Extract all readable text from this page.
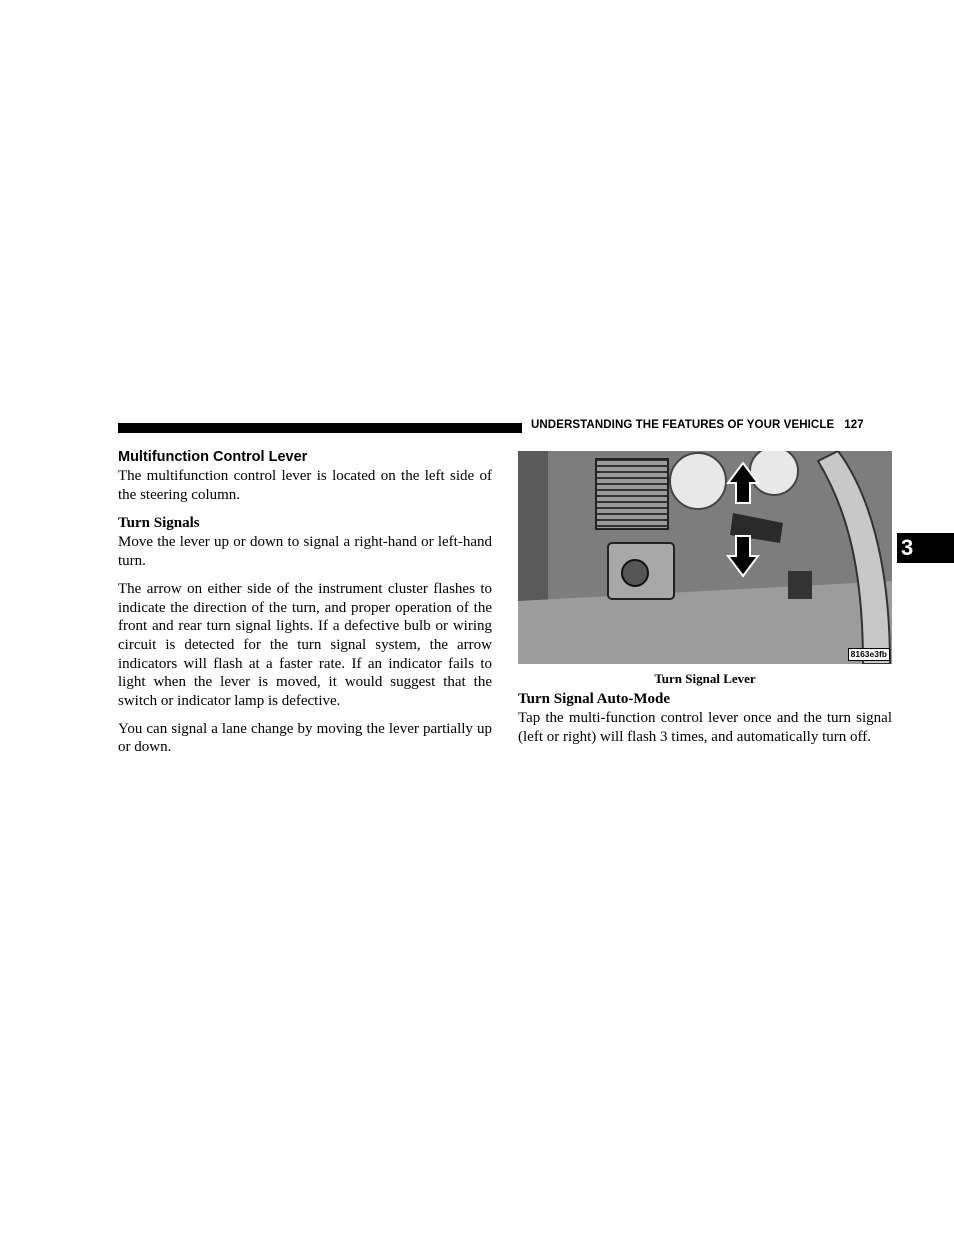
UNDERSTANDING THE FEATURES OF YOUR VEHICLE 127
3
Multifunction Control Lever

The multifunction control lever is located on the left side of the steering column.

Turn Signals

Move the lever up or down to signal a right-hand or left-hand turn.

The arrow on either side of the instrument cluster flashes to indicate the direction of the turn, and proper operation of the front and rear turn signal lights. If a defective bulb or wiring circuit is detected for the turn signal system, the arrow indicators will flash at a faster rate. If an indicator fails to light when the lever is moved, it would suggest that the switch or indicator lamp is defective.

You can signal a lane change by moving the lever partially up or down.

8163e3fb
Turn Signal Lever
Turn Signal Auto-Mode

Tap the multi-function control lever once and the turn signal (left or right) will flash 3 times, and automatically turn off.
